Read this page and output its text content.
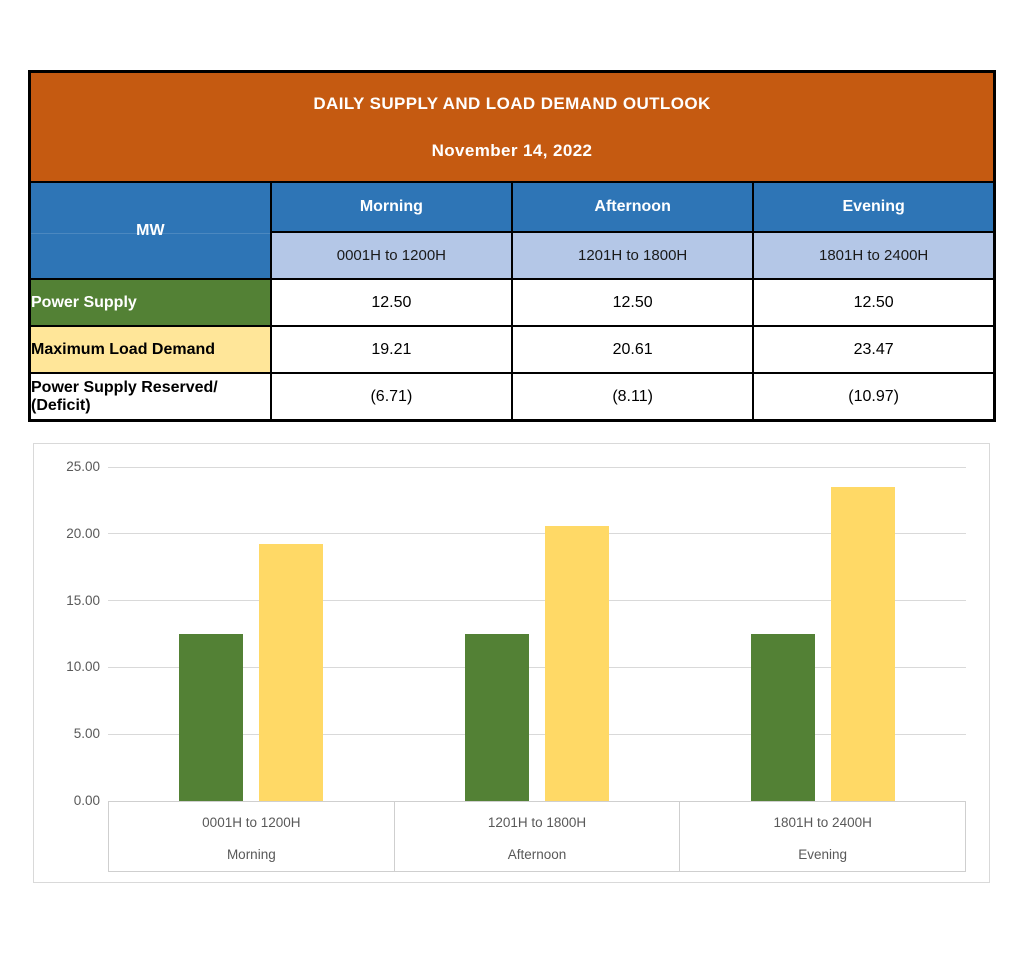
DAILY SUPPLY AND LOAD DEMAND OUTLOOK
November 14, 2022			

MW	Morning	Afternoon	Evening
	0001H to 1200H	1201H to 1800H	1801H to 2400H
Power Supply	12.50	12.50	12.50
Maximum Load Demand	19.21	20.61	23.47
Power Supply Reserved/ (Deficit)	(6.71)	(8.11)	(10.97)
0.00
5.00
10.00
15.00
20.00
25.00
0001H to 1200H
Morning
1201H to 1800H
Afternoon
1801H to 2400H
Evening
